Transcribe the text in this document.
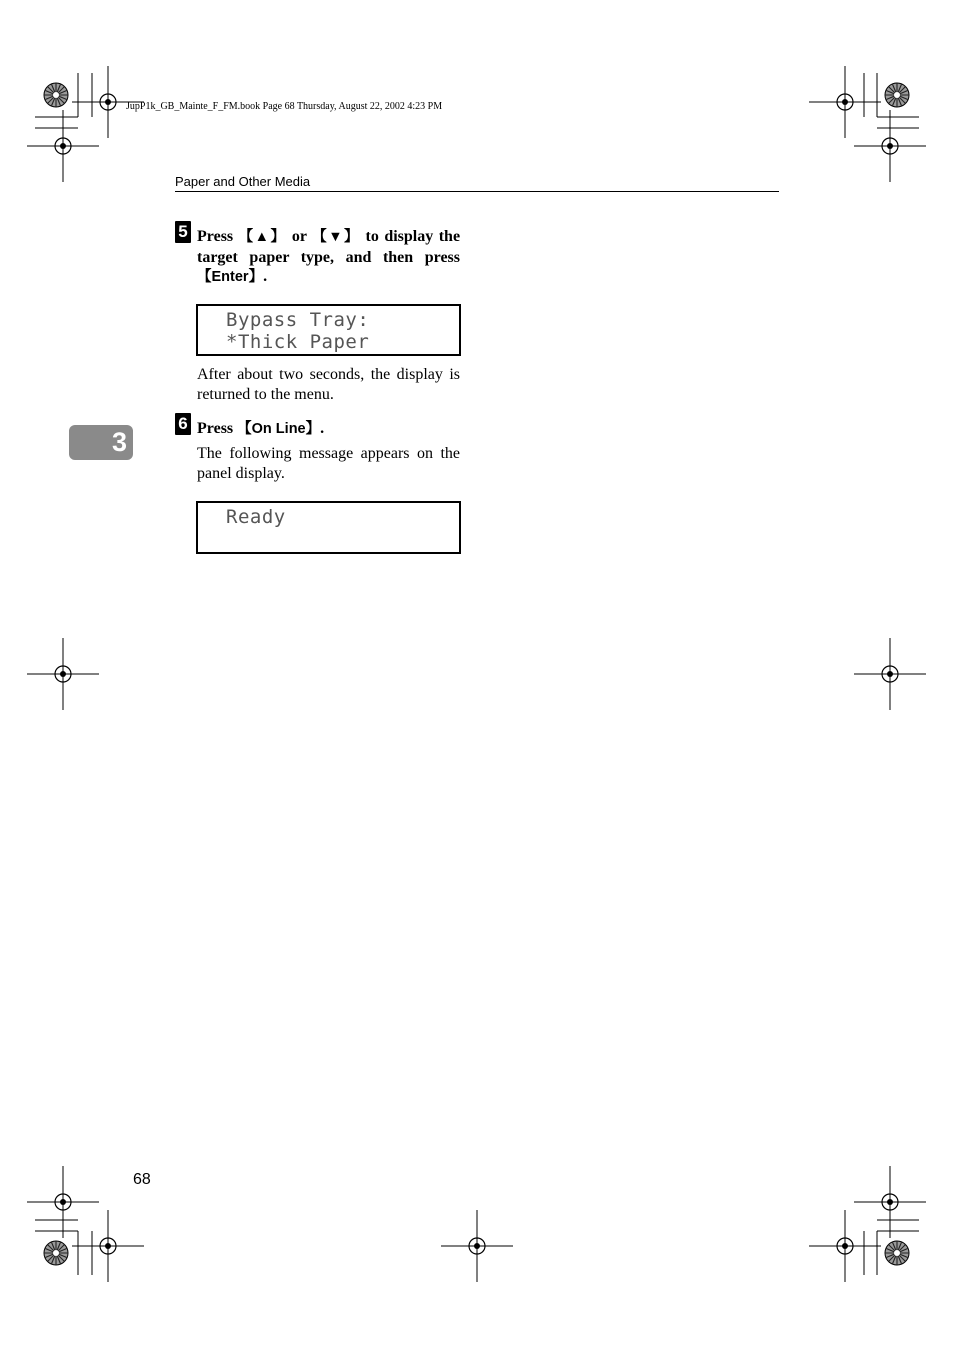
JupP1k_GB_Mainte_F_FM.book Page 68 Thursday, August 22, 2002 4:23 PM
Paper and Other Media
5 Press 【▲】 or 【▼】 to display the target paper type, and then press 【Enter】.
Bypass Tray:
*Thick Paper
After about two seconds, the display is returned to the menu.
3
6 Press 【On Line】.
The following message appears on the panel display.
Ready
68
